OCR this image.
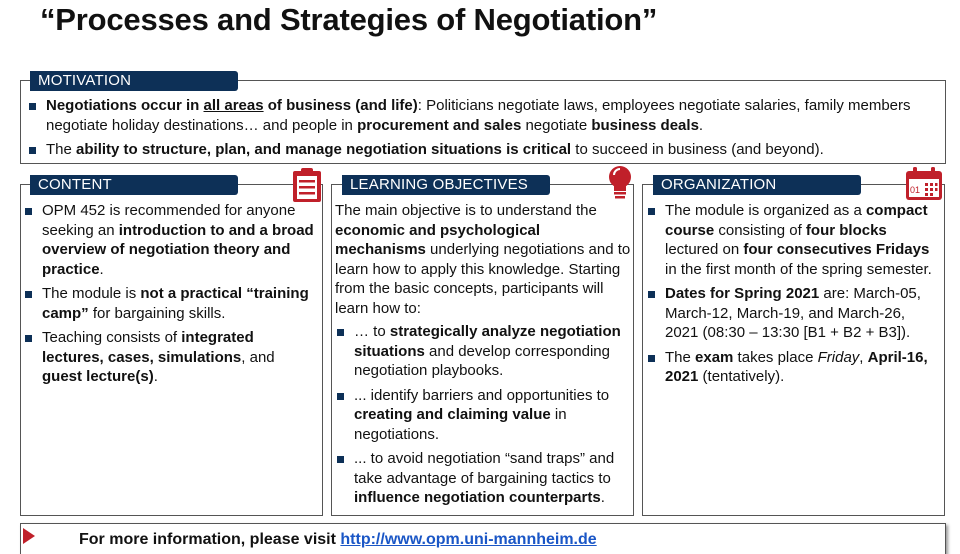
“Processes and Strategies of Negotiation”
MOTIVATION
Negotiations occur in all areas of business (and life): Politicians negotiate laws, employees negotiate salaries, family members negotiate holiday destinations… and people in procurement and sales negotiate business deals.
The ability to structure, plan, and manage negotiation situations is critical to succeed in business (and beyond).
CONTENT
OPM 452 is recommended for anyone seeking an introduction to and a broad overview of negotiation theory and practice.
The module is not a practical “training camp” for bargaining skills.
Teaching consists of integrated lectures, cases, simulations, and guest lecture(s).
LEARNING OBJECTIVES
The main objective is to understand the economic and psychological mechanisms underlying negotiations and to learn how to apply this knowledge. Starting from the basic concepts, participants will learn how to:
… to strategically analyze negotiation situations and develop corresponding negotiation playbooks.
... identify barriers and opportunities to creating and claiming value in negotiations.
... to avoid negotiation “sand traps” and take advantage of bargaining tactics to influence negotiation counterparts.
ORGANIZATION	01
The module is organized as a compact course consisting of four blocks lectured on four consecutives Fridays in the first month of the spring semester.
Dates for Spring 2021 are: March-05, March-12, March-19, and March-26, 2021 (08:30 – 13:30 [B1 + B2 + B3]).
The exam takes place Friday, April-16, 2021 (tentatively).
For more information, please visit http://www.opm.uni-mannheim.de
